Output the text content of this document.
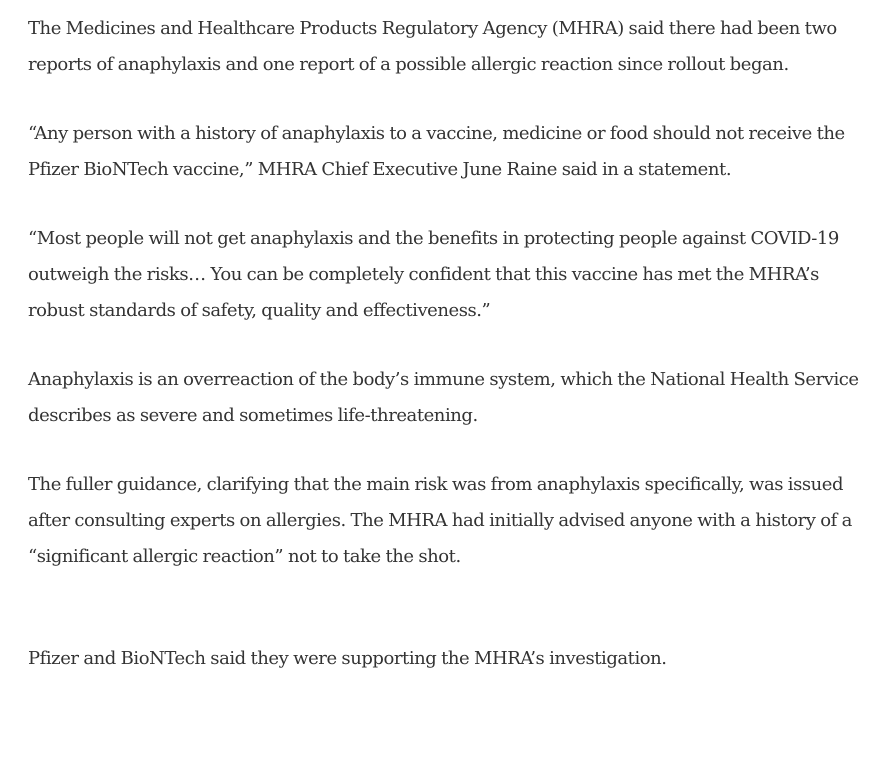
The Medicines and Healthcare Products Regulatory Agency (MHRA) said there had been two reports of anaphylaxis and one report of a possible allergic reaction since rollout began.

“Any person with a history of anaphylaxis to a vaccine, medicine or food should not receive the Pfizer BioNTech vaccine,” MHRA Chief Executive June Raine said in a statement.

“Most people will not get anaphylaxis and the benefits in protecting people against COVID-19 outweigh the risks… You can be completely confident that this vaccine has met the MHRA’s robust standards of safety, quality and effectiveness.”

Anaphylaxis is an overreaction of the body’s immune system, which the National Health Service describes as severe and sometimes life-threatening.

The fuller guidance, clarifying that the main risk was from anaphylaxis specifically, was issued after consulting experts on allergies. The MHRA had initially advised anyone with a history of a “significant allergic reaction” not to take the shot.

Pfizer and BioNTech said they were supporting the MHRA’s investigation.
